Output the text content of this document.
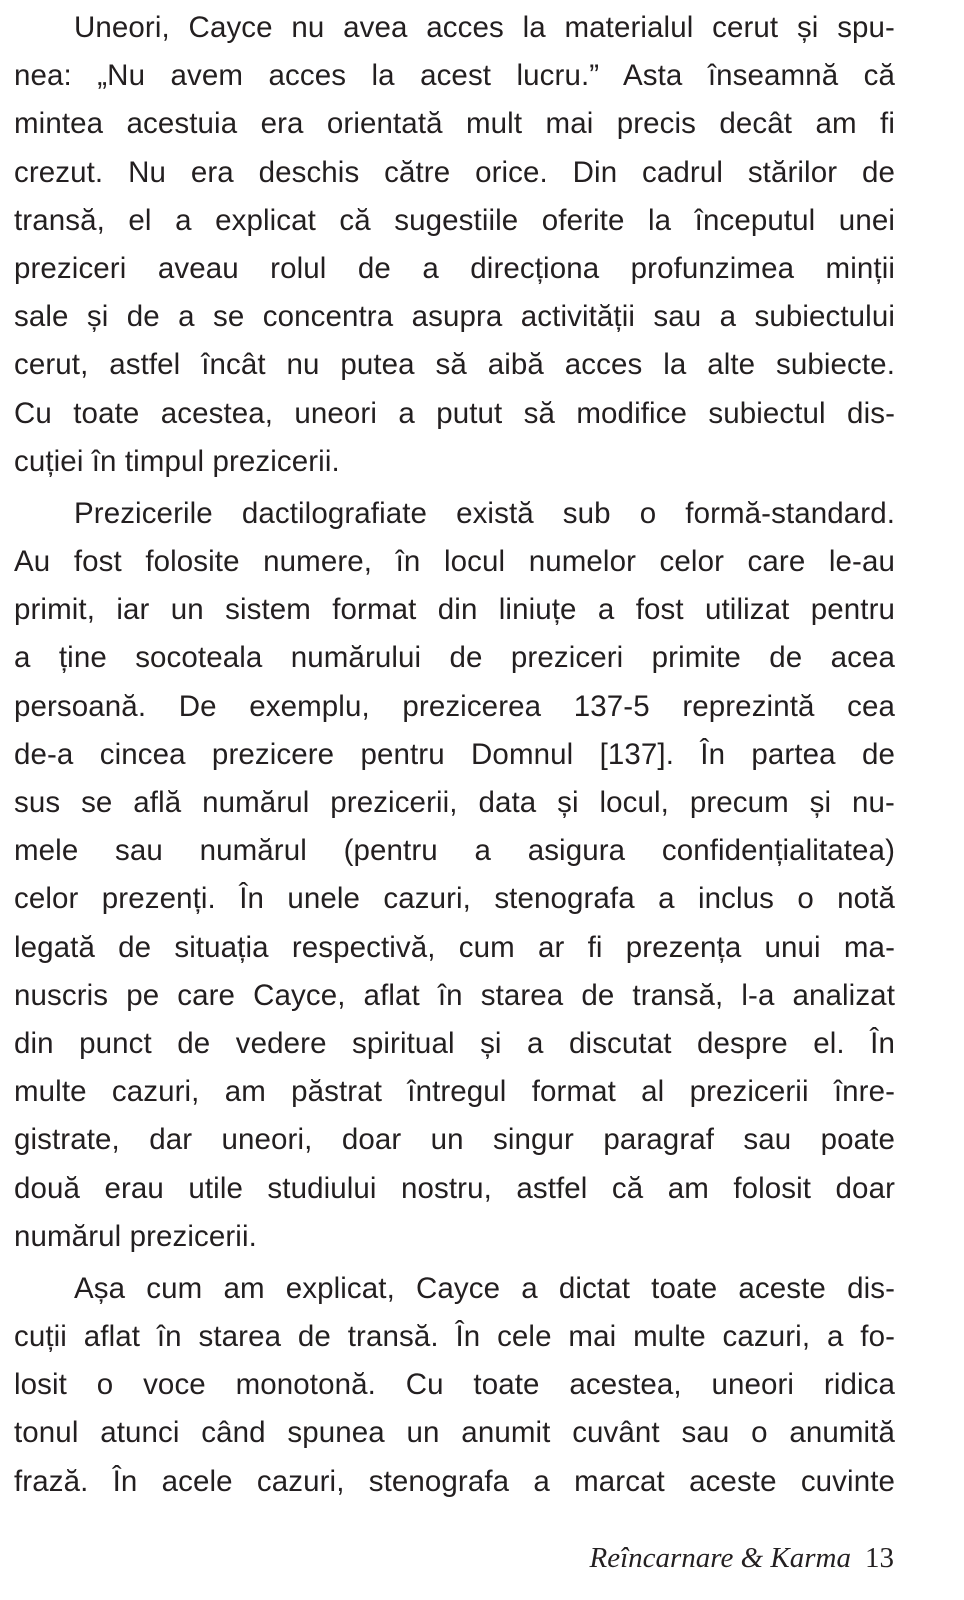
Uneori, Cayce nu avea acces la materialul cerut și spu-
nea: „Nu avem acces la acest lucru.” Asta înseamnă că
mintea acestuia era orientată mult mai precis decât am fi
crezut. Nu era deschis către orice. Din cadrul stărilor de
transă, el a explicat că sugestiile oferite la începutul unei
preziceri aveau rolul de a direcționa profunzimea minții
sale și de a se concentra asupra activității sau a subiectului
cerut, astfel încât nu putea să aibă acces la alte subiecte.
Cu toate acestea, uneori a putut să modifice subiectul dis-
cuției în timpul prezicerii.
Prezicerile dactilografiate există sub o formă-standard.
Au fost folosite numere, în locul numelor celor care le-au
primit, iar un sistem format din liniuțe a fost utilizat pentru
a ține socoteala numărului de preziceri primite de acea
persoană. De exemplu, prezicerea 137-5 reprezintă cea
de-a cincea prezicere pentru Domnul [137]. În partea de
sus se află numărul prezicerii, data și locul, precum și nu-
mele sau numărul (pentru a asigura confidențialitatea)
celor prezenți. În unele cazuri, stenografa a inclus o notă
legată de situația respectivă, cum ar fi prezența unui ma-
nuscris pe care Cayce, aflat în starea de transă, l-a analizat
din punct de vedere spiritual și a discutat despre el. În
multe cazuri, am păstrat întregul format al prezicerii înre-
gistrate, dar uneori, doar un singur paragraf sau poate
două erau utile studiului nostru, astfel că am folosit doar
numărul prezicerii.
Așa cum am explicat, Cayce a dictat toate aceste dis-
cuții aflat în starea de transă. În cele mai multe cazuri, a fo-
losit o voce monotonă. Cu toate acestea, uneori ridica
tonul atunci când spunea un anumit cuvânt sau o anumită
frază. În acele cazuri, stenografa a marcat aceste cuvinte
Reîncarnare & Karma 13
